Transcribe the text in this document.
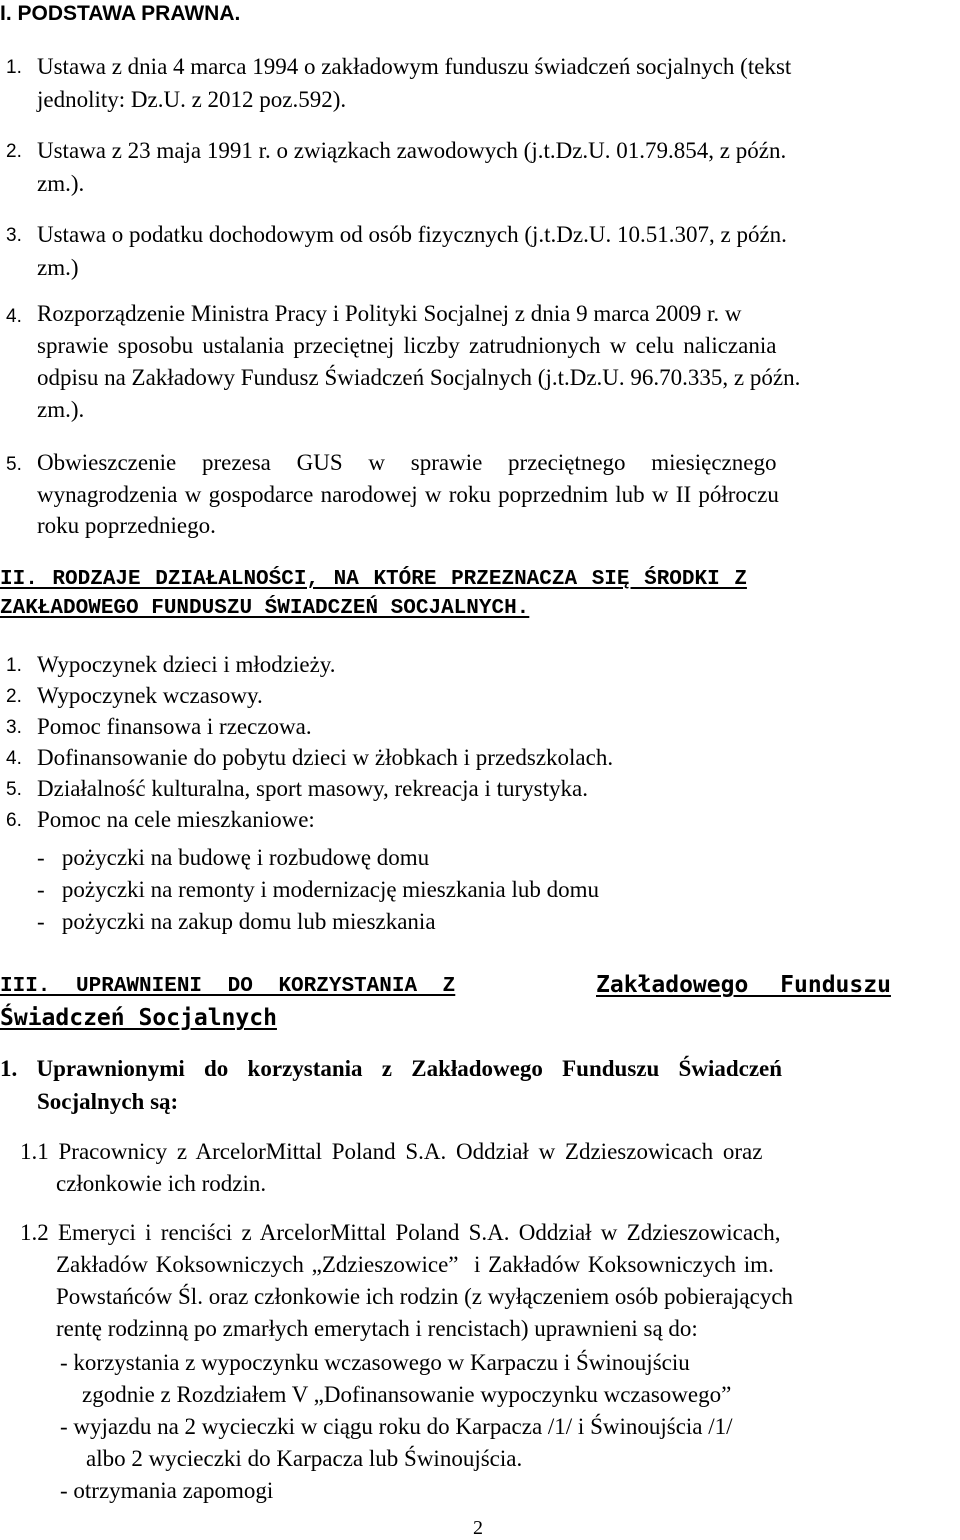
I. PODSTAWA PRAWNA.
1. Ustawa z dnia 4 marca 1994 o zakładowym funduszu świadczeń socjalnych (tekst
jednolity: Dz.U. z 2012 poz.592).
2. Ustawa z 23 maja 1991 r. o związkach zawodowych (j.t.Dz.U. 01.79.854, z późn.
zm.).
3. Ustawa o podatku dochodowym od osób fizycznych (j.t.Dz.U. 10.51.307, z późn.
zm.)
4. Rozporządzenie Ministra Pracy i Polityki Socjalnej z dnia 9 marca 2009 r. w
sprawie sposobu ustalania przeciętnej liczby zatrudnionych w celu naliczania
odpisu na Zakładowy Fundusz Świadczeń Socjalnych (j.t.Dz.U. 96.70.335, z późn.
zm.).
5. Obwieszczenie prezesa GUS w sprawie przeciętnego miesięcznego
wynagrodzenia w gospodarce narodowej w roku poprzednim lub w II półroczu
roku poprzedniego.
II. RODZAJE DZIAŁALNOŚCI, NA KTÓRE PRZEZNACZA SIĘ ŚRODKI Z
ZAKŁADOWEGO FUNDUSZU ŚWIADCZEŃ SOCJALNYCH.
1. Wypoczynek dzieci i młodzieży.
2. Wypoczynek wczasowy.
3. Pomoc finansowa i rzeczowa.
4. Dofinansowanie do pobytu dzieci w żłobkach i przedszkolach.
5. Działalność kulturalna, sport masowy, rekreacja i turystyka.
6. Pomoc na cele mieszkaniowe:
-   pożyczki na budowę i rozbudowę domu
-   pożyczki na remonty i modernizację mieszkania lub domu
-   pożyczki na zakup domu lub mieszkania
III. UPRAWNIENI DO KORZYSTANIA Z	Zakładowego Funduszu
Świadczeń Socjalnych
1. Uprawnionymi do korzystania z Zakładowego Funduszu Świadczeń
Socjalnych są:
1.1 Pracownicy z ArcelorMittal Poland S.A. Oddział w Zdzieszowicach oraz
członkowie ich rodzin.
1.2 Emeryci i renciści z ArcelorMittal Poland S.A. Oddział w Zdzieszowicach,
Zakładów Koksowniczych „Zdzieszowice”  i Zakładów Koksowniczych im.
Powstańców Śl. oraz członkowie ich rodzin (z wyłączeniem osób pobierających
rentę rodzinną po zmarłych emerytach i rencistach) uprawnieni są do:
- korzystania z wypoczynku wczasowego w Karpaczu i Świnoujściu
zgodnie z Rozdziałem V „Dofinansowanie wypoczynku wczasowego”
- wyjazdu na 2 wycieczki w ciągu roku do Karpacza /1/ i Świnoujścia /1/
albo 2 wycieczki do Karpacza lub Świnoujścia.
- otrzymania zapomogi
2
